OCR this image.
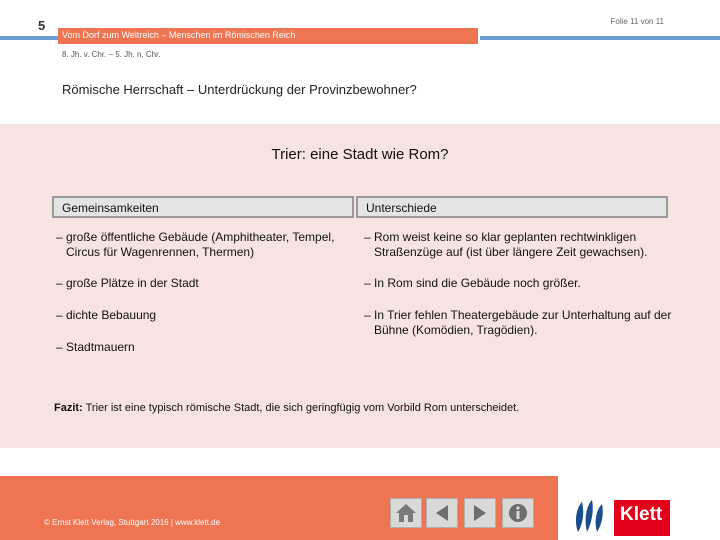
5
Vom Dorf zum Weltreich – Menschen im Römischen Reich
Folie 11 von 11
8. Jh. v. Chr. – 5. Jh. n. Chr.
Römische Herrschaft – Unterdrückung der Provinzbewohner?
Trier: eine Stadt wie Rom?
Gemeinsamkeiten	Unterschiede
– große öffentliche Gebäude (Amphitheater, Tempel, Circus für Wagenrennen, Thermen)
– große Plätze in der Stadt
– dichte Bebauung
– Stadtmauern
– Rom weist keine so klar geplanten rechtwinkligen Straßenzüge auf (ist über längere Zeit gewachsen).
– In Rom sind die Gebäude noch größer.
– In Trier fehlen Theatergebäude zur Unterhaltung auf der Bühne (Komödien, Tragödien).
Fazit: Trier ist eine typisch römische Stadt, die sich geringfügig vom Vorbild Rom unterscheidet.
© Ernst Klett Verlag, Stuttgart 2016 | www.klett.de	Klett
